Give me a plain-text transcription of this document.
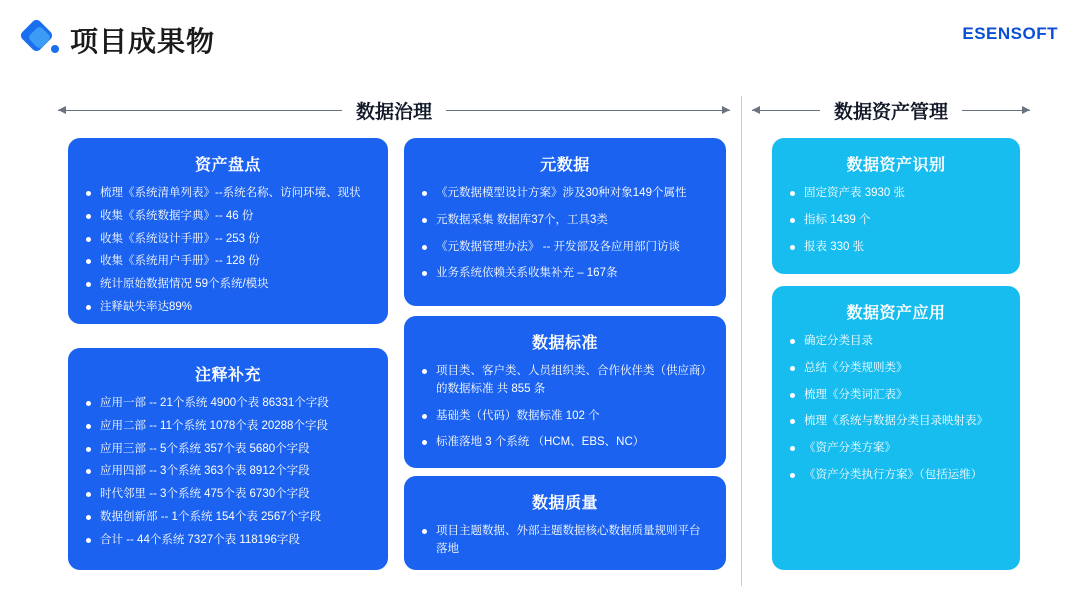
项目成果物	ESENSOFT
数据治理	数据资产管理
资产盘点
梳理《系统清单列表》--系统名称、访问环境、现状
收集《系统数据字典》-- 46 份
收集《系统设计手册》-- 253 份
收集《系统用户手册》-- 128 份
统计原始数据情况 59个系统/模块
注释缺失率达89%
注释补充
应用一部 -- 21个系统 4900个表 86331个字段
应用二部 -- 11个系统 1078个表 20288个字段
应用三部 -- 5个系统 357个表 5680个字段
应用四部 -- 3个系统 363个表 8912个字段
时代邻里 -- 3个系统 475个表 6730个字段
数据创新部 -- 1个系统 154个表 2567个字段
合计 -- 44个系统 7327个表 118196字段
元数据
《元数据模型设计方案》涉及30种对象149个属性
元数据采集 数据库37个，工具3类
《元数据管理办法》 -- 开发部及各应用部门访谈
业务系统依赖关系收集补充 – 167条
数据标准
项目类、客户类、人员组织类、合作伙伴类（供应商）的数据标准 共 855 条
基础类（代码）数据标准 102 个
标准落地 3 个系统 （HCM、EBS、NC）
数据质量
项目主题数据、外部主题数据核心数据质量规则平台落地
数据资产识别
固定资产表 3930 张
指标 1439 个
报表 330 张
数据资产应用
确定分类目录
总结《分类规则类》
梳理《分类词汇表》
梳理《系统与数据分类目录映射表》
《资产分类方案》
《资产分类执行方案》（包括运维）
